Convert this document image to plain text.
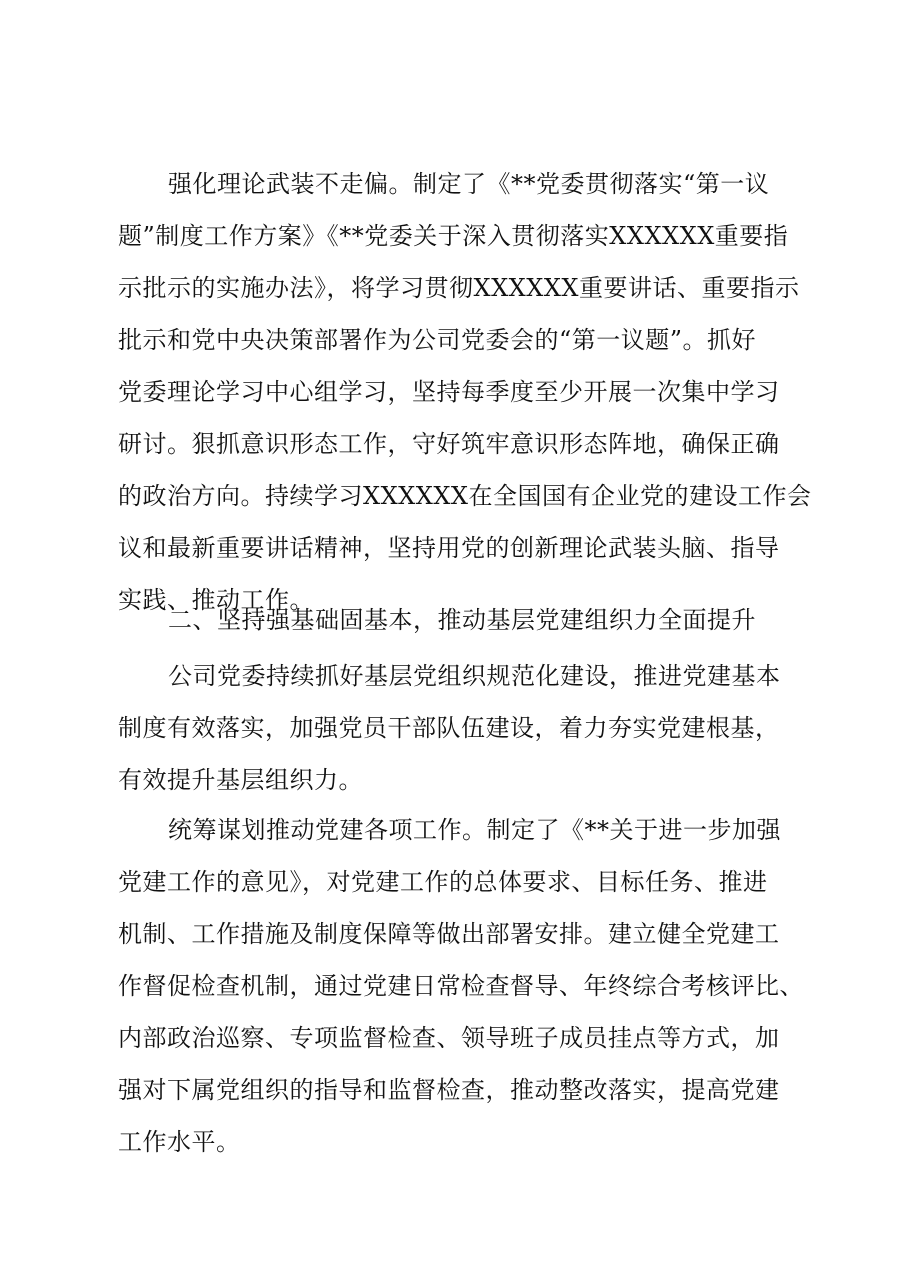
强化理论武装不走偏。制定了《**党委贯彻落实“第一议
题”制度工作方案》《**党委关于深入贯彻落实XXXXXX重要指
示批示的实施办法》，将学习贯彻XXXXXX重要讲话、重要指示
批示和党中央决策部署作为公司党委会的“第一议题”。抓好
党委理论学习中心组学习，坚持每季度至少开展一次集中学习
研讨。狠抓意识形态工作，守好筑牢意识形态阵地，确保正确
的政治方向。持续学习XXXXXX在全国国有企业党的建设工作会
议和最新重要讲话精神，坚持用党的创新理论武装头脑、指导
实践、推动工作。
二、坚持强基础固基本，推动基层党建组织力全面提升
公司党委持续抓好基层党组织规范化建设，推进党建基本
制度有效落实，加强党员干部队伍建设，着力夯实党建根基，
有效提升基层组织力。
统筹谋划推动党建各项工作。制定了《**关于进一步加强
党建工作的意见》，对党建工作的总体要求、目标任务、推进
机制、工作措施及制度保障等做出部署安排。建立健全党建工
作督促检查机制，通过党建日常检查督导、年终综合考核评比、
内部政治巡察、专项监督检查、领导班子成员挂点等方式，加
强对下属党组织的指导和监督检查，推动整改落实，提高党建
工作水平。
